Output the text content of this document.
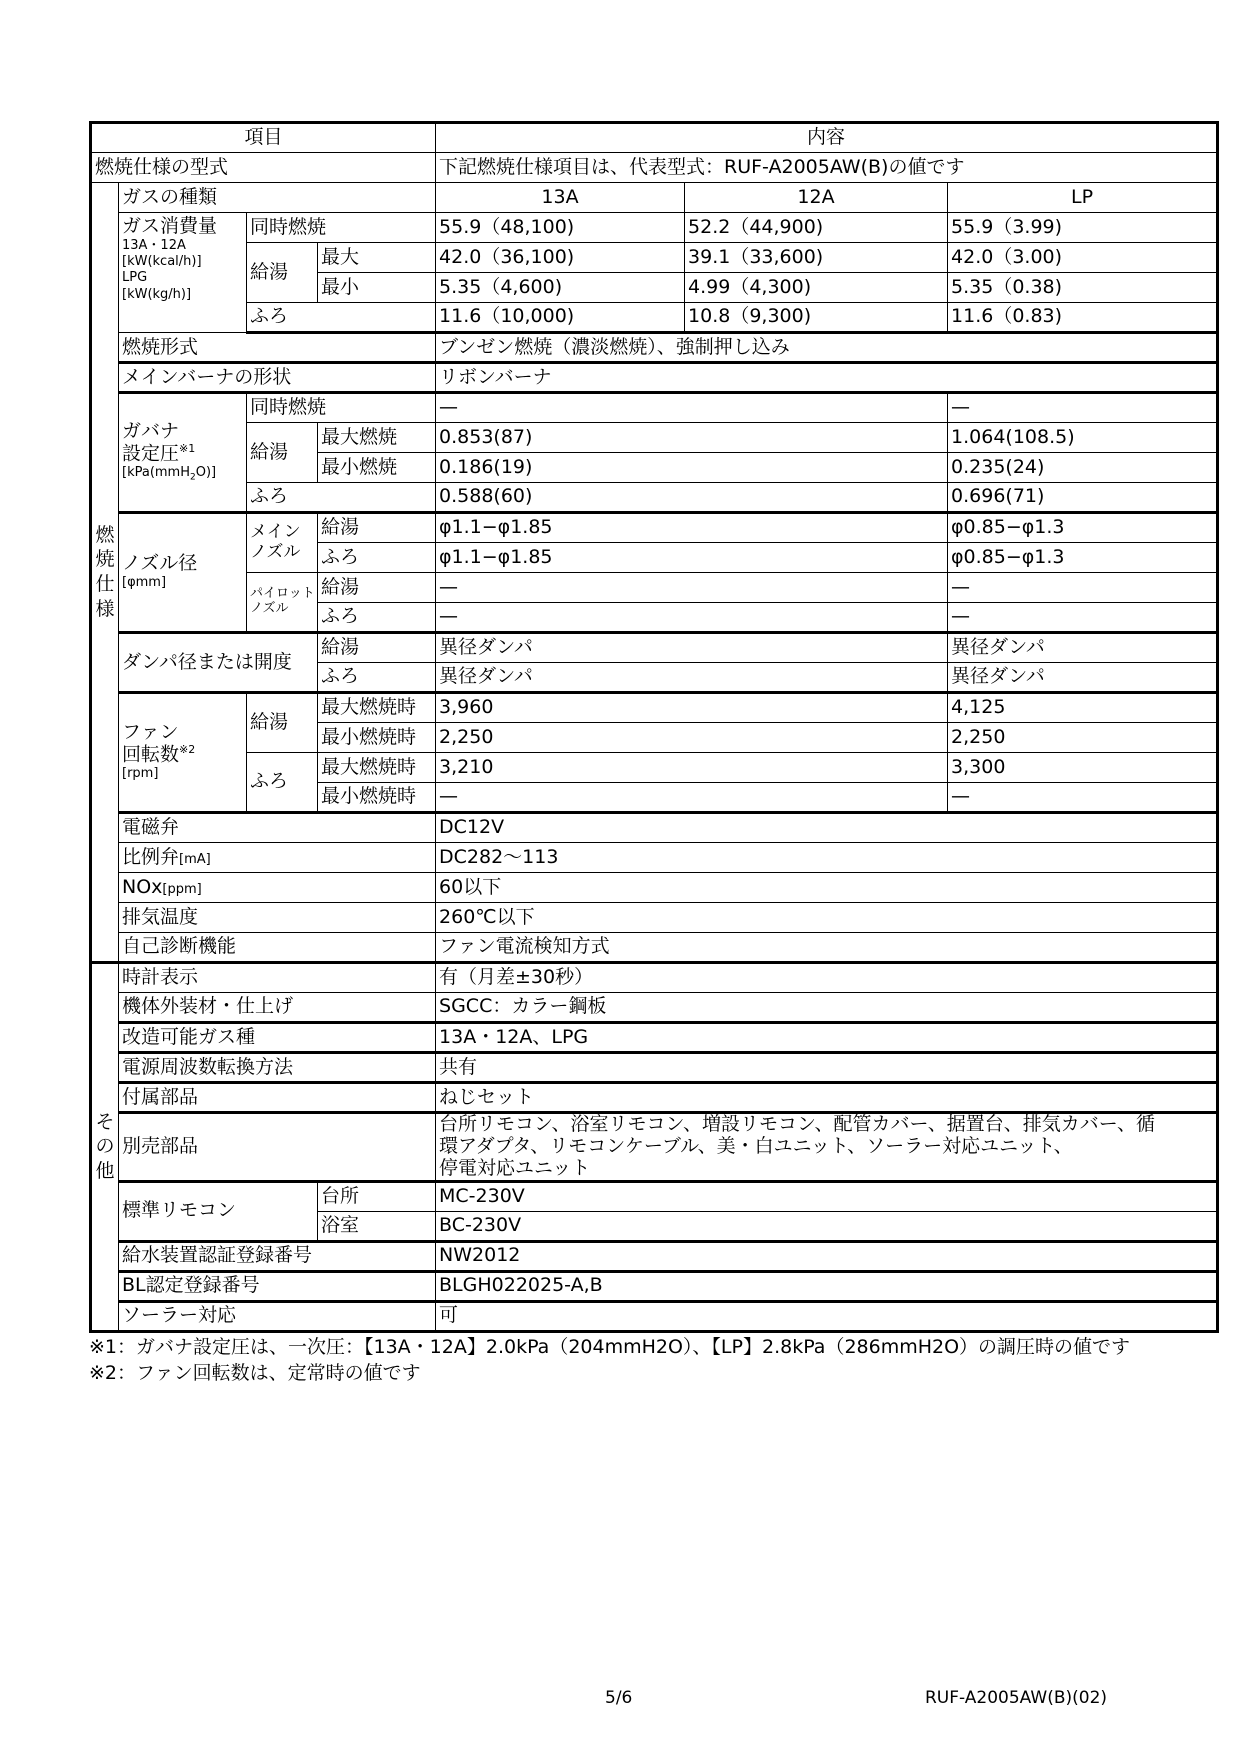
項目				内容		
燃焼仕様の型式				下記燃焼仕様項目は、代表型式：RUF-A2005AW(B)の値です		

燃焼仕様	ガスの種類			13A	12A	LP

	ガス消費量
13A・12A
[kW(kcal/h)]
LPG
[kW(kg/h)]	同時燃焼		55.9（48,100)	52.2（44,900)	55.9（3.99)
		給湯	最大	42.0（36,100)	39.1（33,600)	42.0（3.00)
			最小	5.35（4,600)	4.99（4,300)	5.35（0.38)
		ふろ		11.6（10,000)	10.8（9,300)	11.6（0.83)
	燃焼形式			ブンゼン燃焼（濃淡燃焼）、強制押し込み		
	メインバーナの形状			リボンバーナ		

	ガバナ
設定圧$^{※1}$
[kPa(mmH$_2$O)]	同時燃焼		—		—
		給湯	最大燃焼	0.853(87)		1.064(108.5)
			最小燃焼	0.186(19)		0.235(24)
		ふろ		0.588(60)		0.696(71)

	ノズル径
[φmm]	メイン
ノズル	給湯	φ1.1−φ1.85		φ0.85−φ1.3
			ふろ	φ1.1−φ1.85		φ0.85−φ1.3

		パイロット
ノズル	給湯	—		—
			ふろ	—		—
	ダンパ径または開度		給湯	異径ダンパ		異径ダンパ
			ふろ	異径ダンパ		異径ダンパ

	ファン
回転数$^{※2}$
[rpm]	給湯	最大燃焼時	3,960		4,125
			最小燃焼時	2,250		2,250
		ふろ	最大燃焼時	3,210		3,300
			最小燃焼時	—		—
	電磁弁			DC12V		
	比例弁[mA]			DC282～113		
	NOx[ppm]			60以下		
	排気温度			260℃以下		
	自己診断機能			ファン電流検知方式		

その他	時計表示			有（月差±30秒）		
	機体外装材・仕上げ			SGCC：カラー鋼板		
	改造可能ガス種			13A・12A、LPG		
	電源周波数転換方法			共有		
	付属部品			ねじセット		
	別売部品			台所リモコン、浴室リモコン、増設リモコン、配管カバー、据置台、排気カバー、循
環アダプタ、リモコンケーブル、美・白ユニット、ソーラー対応ユニット、
停電対応ユニット		

	標準リモコン		台所	MC-230V		
			浴室	BC-230V		
	給水装置認証登録番号			NW2012		
	BL認定登録番号			BLGH022025-A,B		
	ソーラー対応			可		
※1：ガバナ設定圧は、一次圧：【13A・12A】2.0kPa（204mmH2O）、【LP】2.8kPa（286mmH2O）の調圧時の値です
※2：ファン回転数は、定常時の値です
5/6	RUF-A2005AW(B)(02)
